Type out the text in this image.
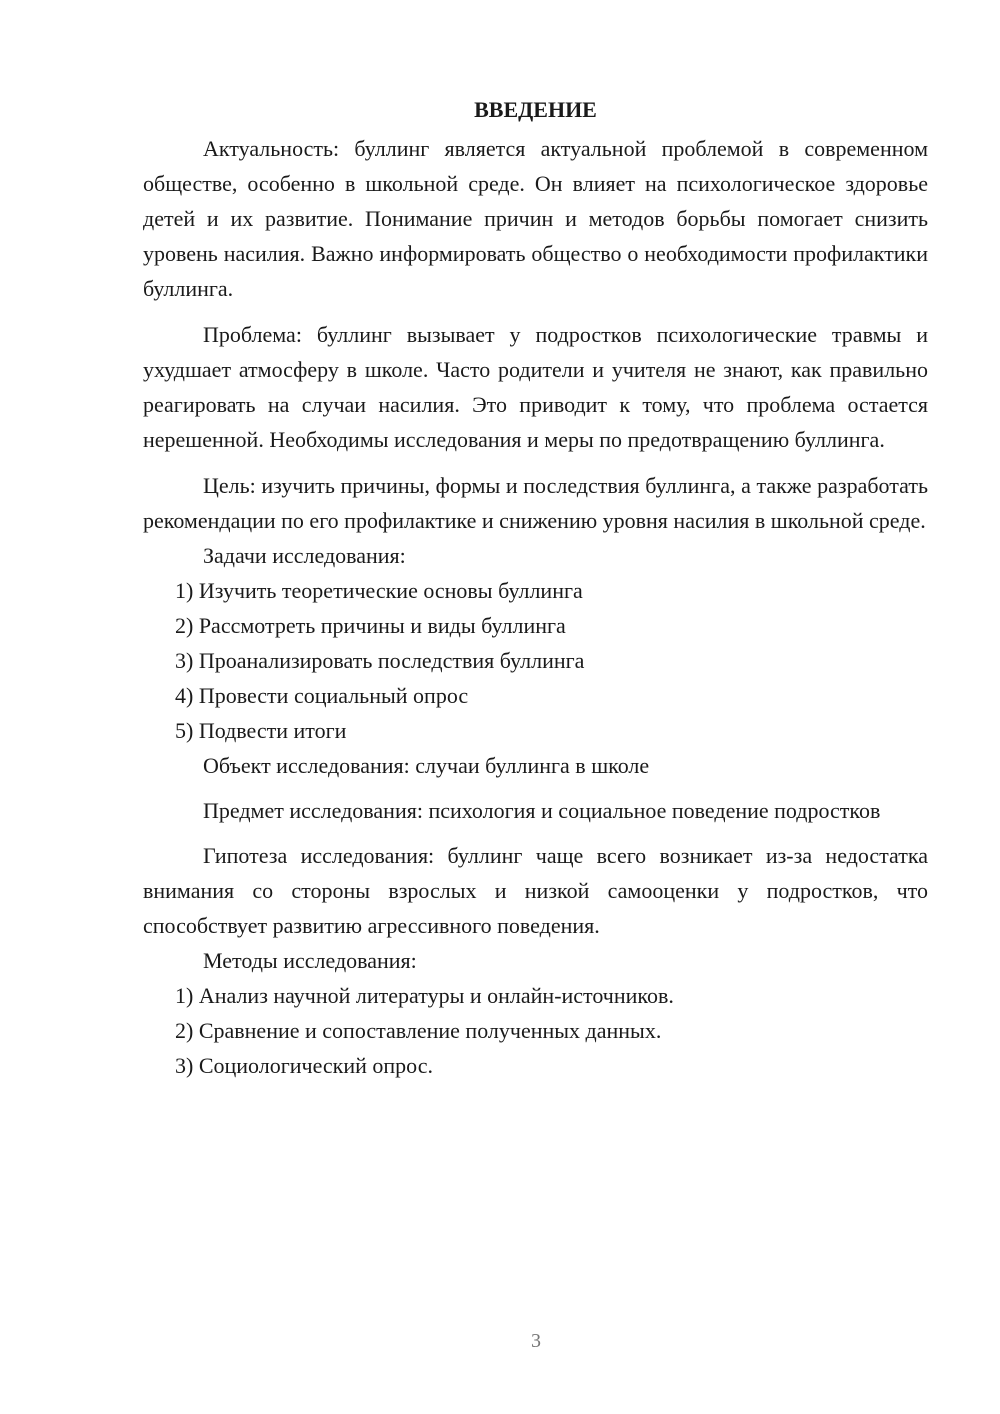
ВВЕДЕНИЕ

Актуальность: буллинг является актуальной проблемой в современном обществе, особенно в школьной среде. Он влияет на психологическое здоровье детей и их развитие. Понимание причин и методов борьбы помогает снизить уровень насилия. Важно информировать общество о необходимости профилактики буллинга.

Проблема: буллинг вызывает у подростков психологические травмы и ухудшает атмосферу в школе. Часто родители и учителя не знают, как правильно реагировать на случаи насилия. Это приводит к тому, что проблема остается нерешенной. Необходимы исследования и меры по предотвращению буллинга.

Цель: изучить причины, формы и последствия буллинга, а также разработать рекомендации по его профилактике и снижению уровня насилия в школьной среде.

Задачи исследования:

1) Изучить теоретические основы буллинга

2) Рассмотреть причины и виды буллинга

3) Проанализировать последствия буллинга

4) Провести социальный опрос

5) Подвести итоги

Объект исследования: случаи буллинга в школе

Предмет исследования: психология и социальное поведение подростков

Гипотеза исследования: буллинг чаще всего возникает из-за недостатка внимания со стороны взрослых и низкой самооценки у подростков, что способствует развитию агрессивного поведения.

Методы исследования:

1) Анализ научной литературы и онлайн-источников.

2) Сравнение и сопоставление полученных данных.

3) Социологический опрос.

3
